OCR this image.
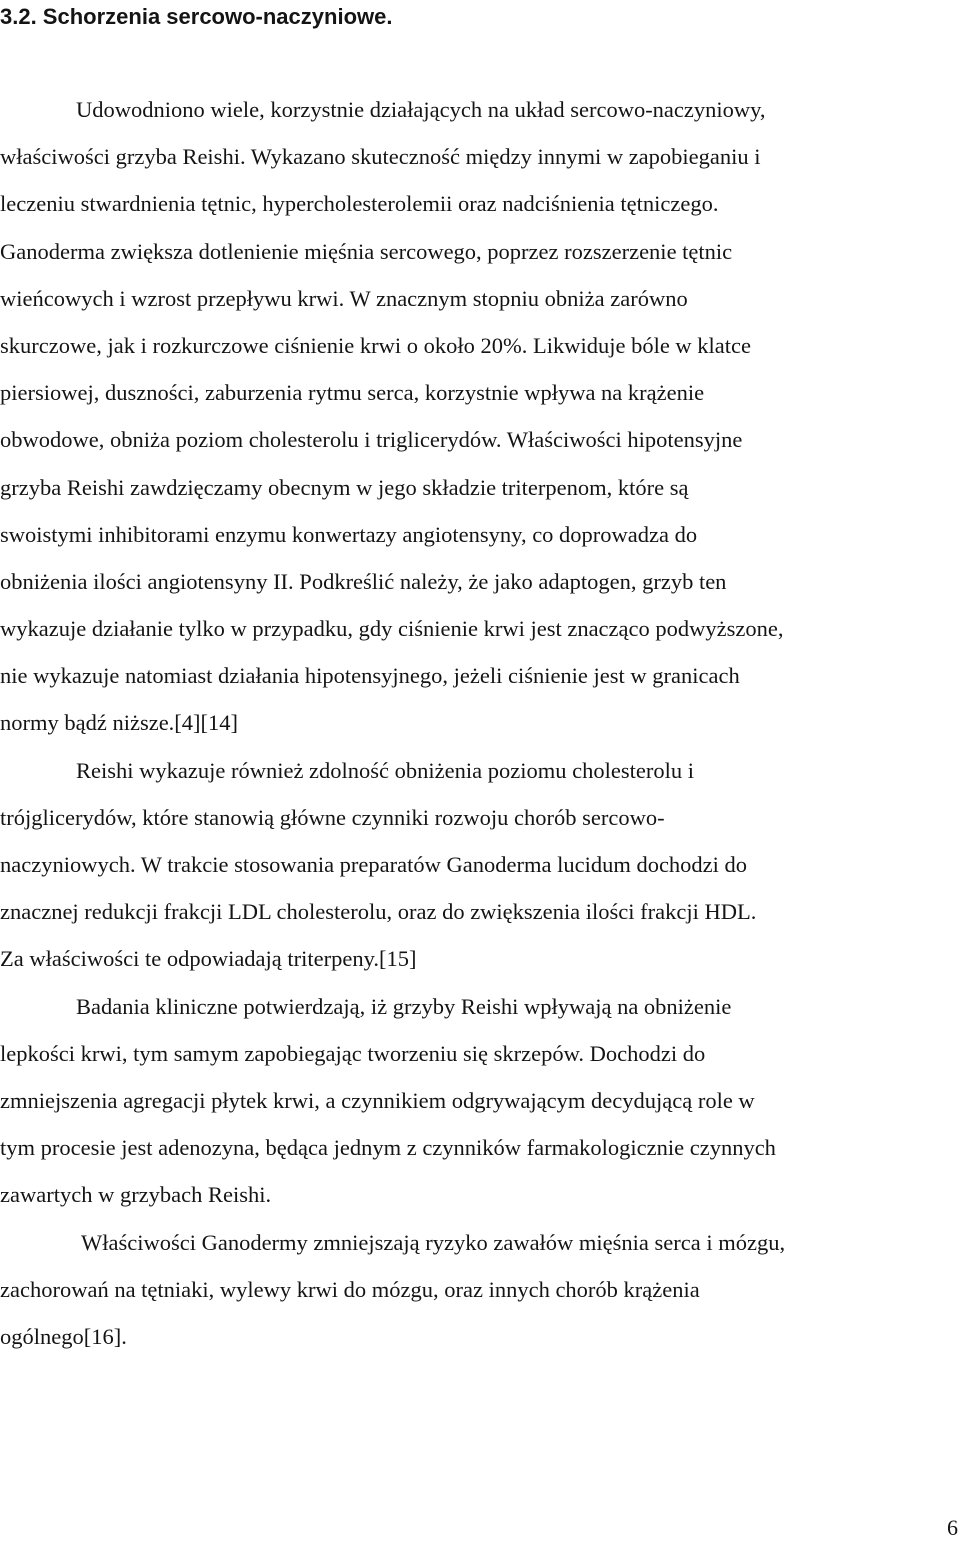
3.2. Schorzenia sercowo-naczyniowe.
Udowodniono wiele, korzystnie działających na układ sercowo-naczyniowy,
właściwości grzyba Reishi. Wykazano skuteczność między innymi w zapobieganiu i
leczeniu stwardnienia tętnic, hypercholesterolemii oraz nadciśnienia tętniczego.
Ganoderma zwiększa dotlenienie mięśnia sercowego, poprzez rozszerzenie tętnic
wieńcowych i wzrost przepływu krwi. W znacznym stopniu obniża zarówno
skurczowe, jak i rozkurczowe ciśnienie krwi o około 20%. Likwiduje bóle w klatce
piersiowej, duszności, zaburzenia rytmu serca, korzystnie wpływa na krążenie
obwodowe, obniża poziom cholesterolu i triglicerydów. Właściwości hipotensyjne
grzyba Reishi zawdzięczamy obecnym w jego składzie triterpenom, które są
swoistymi inhibitorami enzymu konwertazy angiotensyny, co doprowadza do
obniżenia ilości angiotensyny II. Podkreślić należy, że jako adaptogen, grzyb ten
wykazuje działanie tylko w przypadku, gdy ciśnienie krwi jest znacząco podwyższone,
nie wykazuje natomiast działania hipotensyjnego, jeżeli ciśnienie jest w granicach
normy bądź niższe.[4][14]
Reishi wykazuje również zdolność obniżenia poziomu cholesterolu i
trójglicerydów, które stanowią główne czynniki rozwoju chorób sercowo-
naczyniowych. W trakcie stosowania preparatów Ganoderma lucidum dochodzi do
znacznej redukcji frakcji LDL cholesterolu, oraz do zwiększenia ilości frakcji HDL.
Za właściwości te odpowiadają triterpeny.[15]
Badania kliniczne potwierdzają, iż grzyby Reishi wpływają na obniżenie
lepkości krwi, tym samym zapobiegając tworzeniu się skrzepów. Dochodzi do
zmniejszenia agregacji płytek krwi, a czynnikiem odgrywającym decydującą role w
tym procesie jest adenozyna, będąca jednym z czynników farmakologicznie czynnych
zawartych w grzybach Reishi.
Właściwości Ganodermy zmniejszają ryzyko zawałów mięśnia serca i mózgu,
zachorowań na tętniaki, wylewy krwi do mózgu, oraz innych chorób krążenia
ogólnego[16].
6
